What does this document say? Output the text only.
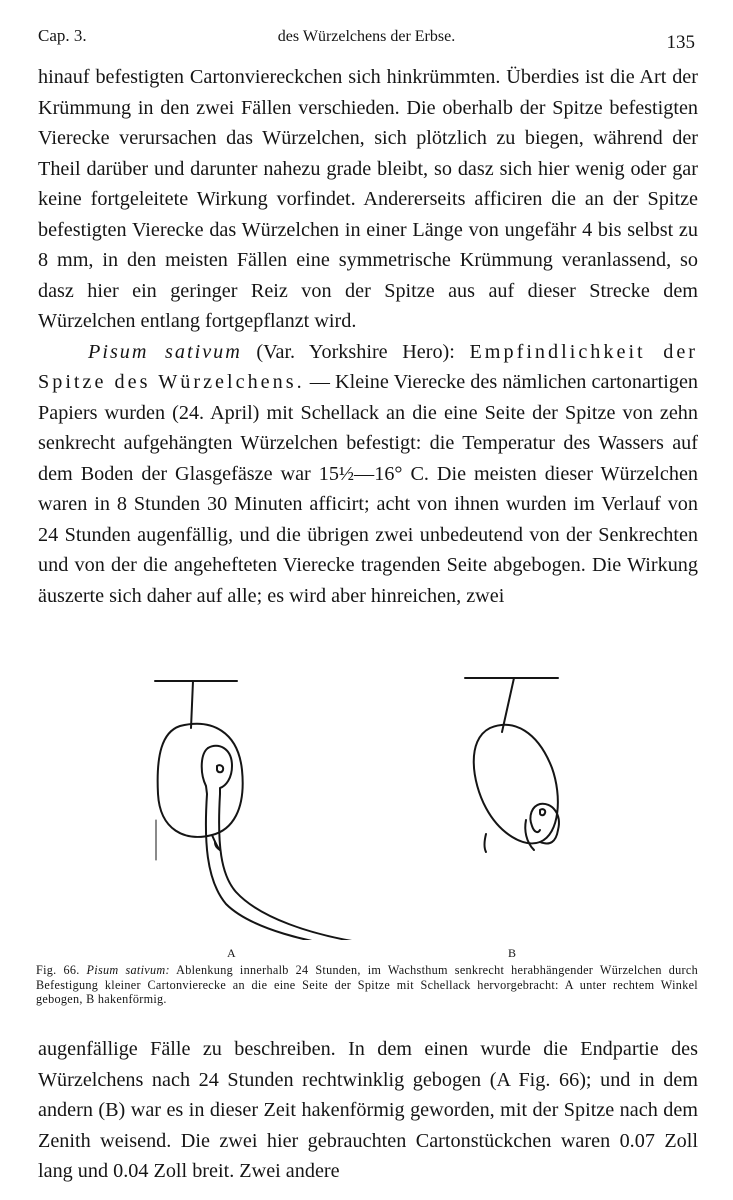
Cap. 3.	des Würzelchens der Erbse.	135

hinauf befestigten Cartonviereckchen sich hinkrümmten. Überdies ist die Art der Krümmung in den zwei Fällen verschieden. Die oberhalb der Spitze befestigten Vierecke verursachen das Würzelchen, sich plötzlich zu biegen, während der Theil darüber und darunter nahezu grade bleibt, so dasz sich hier wenig oder gar keine fortgeleitete Wirkung vorfindet. Andererseits afficiren die an der Spitze befestigten Vierecke das Würzelchen in einer Länge von ungefähr 4 bis selbst zu 8 mm, in den meisten Fällen eine symmetrische Krümmung veranlassend, so dasz hier ein geringer Reiz von der Spitze aus auf dieser Strecke dem Würzelchen entlang fortgepflanzt wird.

Pisum sativum (Var. Yorkshire Hero): Empfindlichkeit der Spitze des Würzelchens. — Kleine Vierecke des nämlichen cartonartigen Papiers wurden (24. April) mit Schellack an die eine Seite der Spitze von zehn senkrecht aufgehängten Würzelchen befestigt: die Temperatur des Wassers auf dem Boden der Glasgefäsze war 15½—16° C. Die meisten dieser Würzelchen waren in 8 Stunden 30 Minuten afficirt; acht von ihnen wurden im Verlauf von 24 Stunden augenfällig, und die übrigen zwei unbedeutend von der Senkrechten und von der die angehefteten Vierecke tragenden Seite abgebogen. Die Wirkung äuszerte sich daher auf alle; es wird aber hinreichen, zwei

A	B
Fig. 66. Pisum sativum: Ablenkung innerhalb 24 Stunden, im Wachsthum senkrecht herabhängender Würzelchen durch Befestigung kleiner Cartonvierecke an die eine Seite der Spitze mit Schellack hervorgebracht: A unter rechtem Winkel gebogen, B hakenförmig.

augenfällige Fälle zu beschreiben. In dem einen wurde die Endpartie des Würzelchens nach 24 Stunden rechtwinklig gebogen (A Fig. 66); und in dem andern (B) war es in dieser Zeit hakenförmig geworden, mit der Spitze nach dem Zenith weisend. Die zwei hier gebrauchten Cartonstückchen waren 0.07 Zoll lang und 0.04 Zoll breit. Zwei andere
